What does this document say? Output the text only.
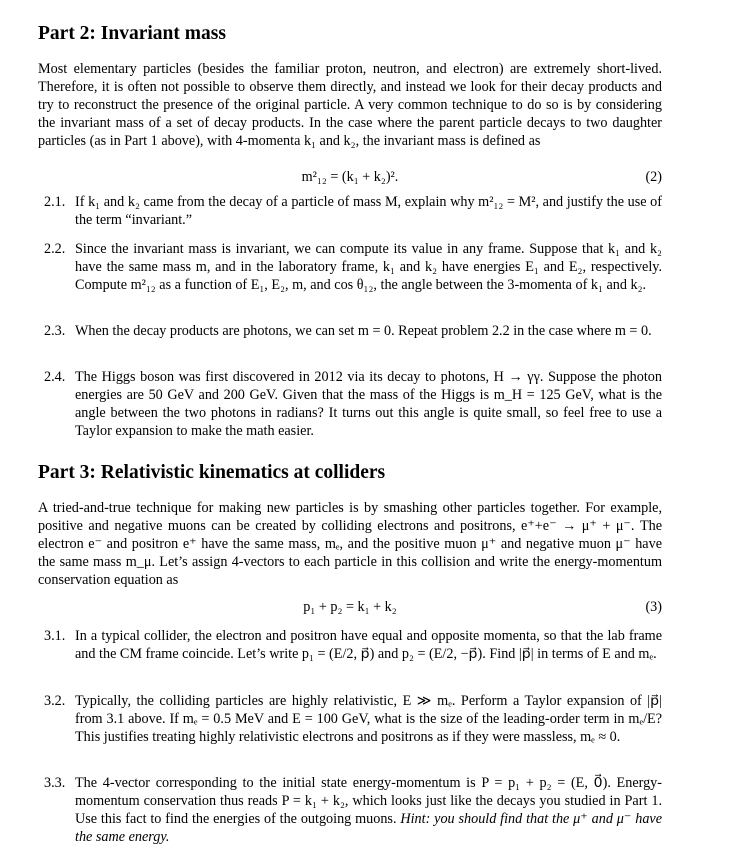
Part 2: Invariant mass
Most elementary particles (besides the familiar proton, neutron, and electron) are extremely short-lived. Therefore, it is often not possible to observe them directly, and instead we look for their decay products and try to reconstruct the presence of the original particle. A very common technique to do so is by considering the invariant mass of a set of decay products. In the case where the parent particle decays to two daughter particles (as in Part 1 above), with 4-momenta k₁ and k₂, the invariant mass is defined as
m²₁₂ = (k₁ + k₂)².	(2)
2.1. If k₁ and k₂ came from the decay of a particle of mass M, explain why m²₁₂ = M², and justify the use of the term “invariant.”
2.2. Since the invariant mass is invariant, we can compute its value in any frame. Suppose that k₁ and k₂ have the same mass m, and in the laboratory frame, k₁ and k₂ have energies E₁ and E₂, respectively. Compute m²₁₂ as a function of E₁, E₂, m, and cos θ₁₂, the angle between the 3-momenta of k₁ and k₂.
2.3. When the decay products are photons, we can set m = 0. Repeat problem 2.2 in the case where m = 0.
2.4. The Higgs boson was first discovered in 2012 via its decay to photons, H → γγ. Suppose the photon energies are 50 GeV and 200 GeV. Given that the mass of the Higgs is m_H = 125 GeV, what is the angle between the two photons in radians? It turns out this angle is quite small, so feel free to use a Taylor expansion to make the math easier.
Part 3: Relativistic kinematics at colliders
A tried-and-true technique for making new particles is by smashing other particles together. For example, positive and negative muons can be created by colliding electrons and positrons, e⁺+e⁻ → μ⁺ + μ⁻. The electron e⁻ and positron e⁺ have the same mass, mₑ, and the positive muon μ⁺ and negative muon μ⁻ have the same mass m_μ. Let’s assign 4-vectors to each particle in this collision and write the energy-momentum conservation equation as
p₁ + p₂ = k₁ + k₂	(3)
3.1. In a typical collider, the electron and positron have equal and opposite momenta, so that the lab frame and the CM frame coincide. Let’s write p₁ = (E/2, p⃗) and p₂ = (E/2, −p⃗). Find |p⃗| in terms of E and mₑ.
3.2. Typically, the colliding particles are highly relativistic, E ≫ mₑ. Perform a Taylor expansion of |p⃗| from 3.1 above. If mₑ = 0.5 MeV and E = 100 GeV, what is the size of the leading-order term in mₑ/E? This justifies treating highly relativistic electrons and positrons as if they were massless, mₑ ≈ 0.
3.3. The 4-vector corresponding to the initial state energy-momentum is P = p₁ + p₂ = (E, 0⃗). Energy-momentum conservation thus reads P = k₁ + k₂, which looks just like the decays you studied in Part 1. Use this fact to find the energies of the outgoing muons. Hint: you should find that the μ⁺ and μ⁻ have the same energy.
